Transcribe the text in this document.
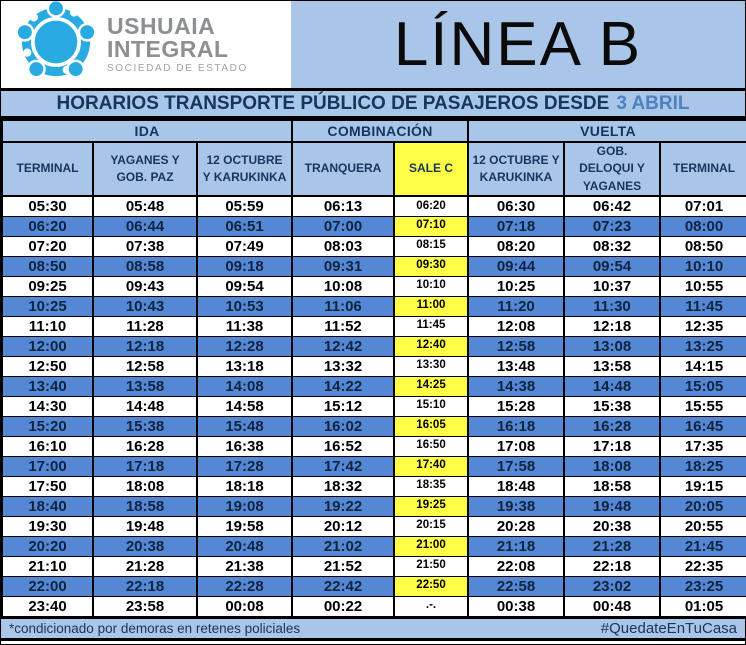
USHUAIA
INTEGRAL
SOCIEDAD DE ESTADO LÍNEA B
HORARIOS TRANSPORTE PÚBLICO DE PASAJEROS DESDE 3 ABRIL
IDA			COMBINACIÓN		VUELTA		
TERMINAL	YAGANES Y GOB. PAZ	12 OCTUBRE Y KARUKINKA	TRANQUERA	SALE C	12 OCTUBRE Y KARUKINKA	GOB. DELOQUI Y YAGANES	TERMINAL
05:30	05:48	05:59	06:13	06:20	06:30	06:42	07:01
06:20	06:44	06:51	07:00	07:10	07:18	07:23	08:00
07:20	07:38	07:49	08:03	08:15	08:20	08:32	08:50
08:50	08:58	09:18	09:31	09:30	09:44	09:54	10:10
09:25	09:43	09:54	10:08	10:10	10:25	10:37	10:55
10:25	10:43	10:53	11:06	11:00	11:20	11:30	11:45
11:10	11:28	11:38	11:52	11:45	12:08	12:18	12:35
12:00	12:18	12:28	12:42	12:40	12:58	13:08	13:25
12:50	12:58	13:18	13:32	13:30	13:48	13:58	14:15
13:40	13:58	14:08	14:22	14:25	14:38	14:48	15:05
14:30	14:48	14:58	15:12	15:10	15:28	15:38	15:55
15:20	15:38	15:48	16:02	16:05	16:18	16:28	16:45
16:10	16:28	16:38	16:52	16:50	17:08	17:18	17:35
17:00	17:18	17:28	17:42	17:40	17:58	18:08	18:25
17:50	18:08	18:18	18:32	18:35	18:48	18:58	19:15
18:40	18:58	19:08	19:22	19:25	19:38	19:48	20:05
19:30	19:48	19:58	20:12	20:15	20:28	20:38	20:55
20:20	20:38	20:48	21:02	21:00	21:18	21:28	21:45
21:10	21:28	21:38	21:52	21:50	22:08	22:18	22:35
22:00	22:18	22:28	22:42	22:50	22:58	23:02	23:25
23:40	23:58	00:08	00:22	.-.	00:38	00:48	01:05
*condicionado por demoras en retenes policiales	#QuedateEnTuCasa
